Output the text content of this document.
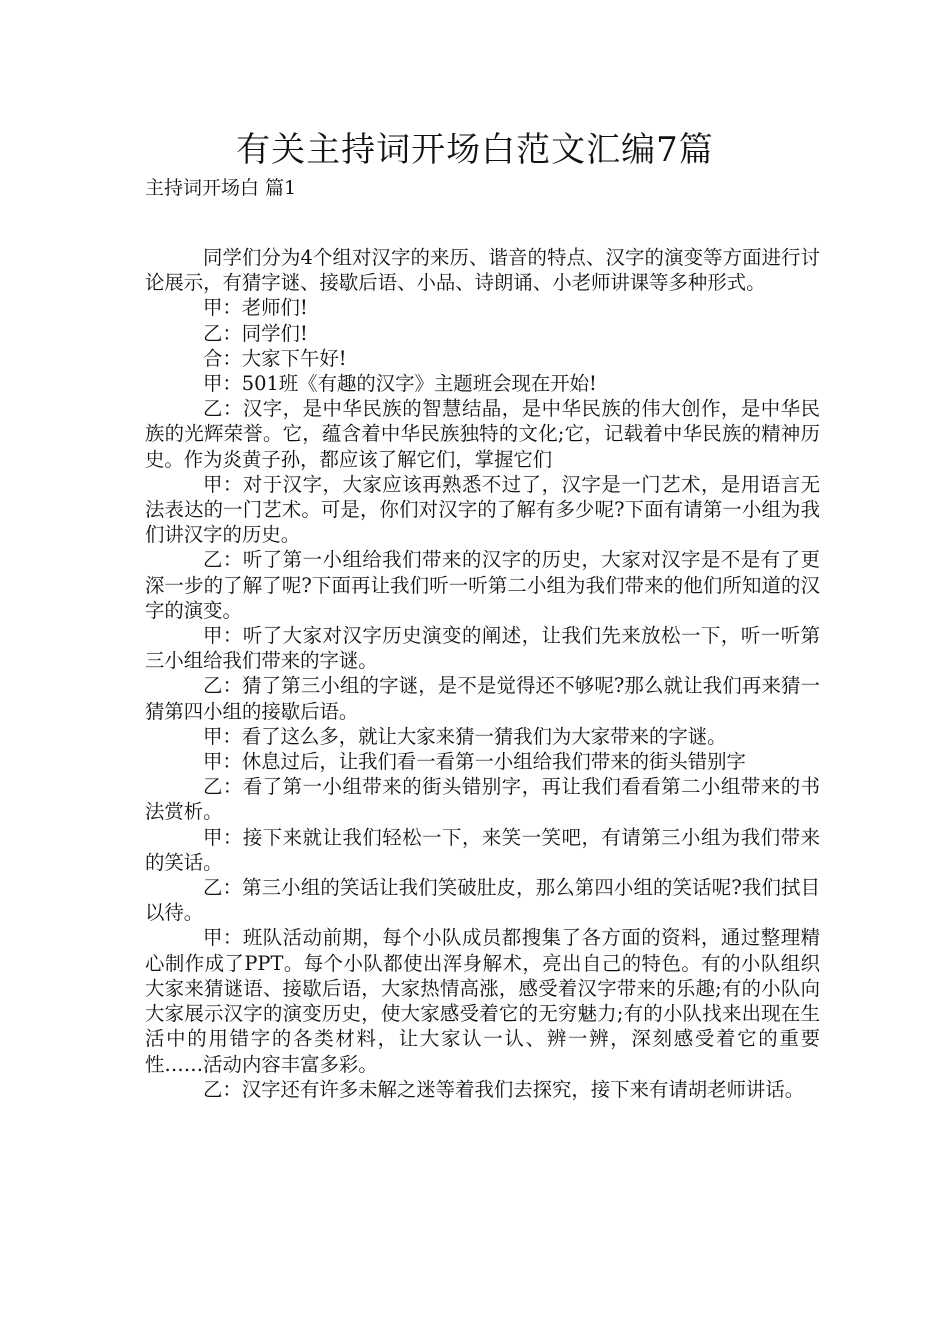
有关主持词开场白范文汇编7篇
主持词开场白 篇1

同学们分为4个组对汉字的来历、谐音的特点、汉字的演变等方面进行讨论展示，有猜字谜、接歇后语、小品、诗朗诵、小老师讲课等多种形式。

甲：老师们!

乙：同学们!

合：大家下午好!

甲：501班《有趣的汉字》主题班会现在开始!

乙：汉字，是中华民族的智慧结晶，是中华民族的伟大创作，是中华民族的光辉荣誉。它，蕴含着中华民族独特的文化;它，记载着中华民族的精神历史。作为炎黄子孙，都应该了解它们，掌握它们

甲：对于汉字，大家应该再熟悉不过了，汉字是一门艺术，是用语言无法表达的一门艺术。可是，你们对汉字的了解有多少呢?下面有请第一小组为我们讲汉字的历史。

乙：听了第一小组给我们带来的汉字的历史，大家对汉字是不是有了更深一步的了解了呢?下面再让我们听一听第二小组为我们带来的他们所知道的汉字的演变。

甲：听了大家对汉字历史演变的阐述，让我们先来放松一下，听一听第三小组给我们带来的字谜。

乙：猜了第三小组的字谜，是不是觉得还不够呢?那么就让我们再来猜一猜第四小组的接歇后语。

甲：看了这么多，就让大家来猜一猜我们为大家带来的字谜。

甲：休息过后，让我们看一看第一小组给我们带来的街头错别字

乙：看了第一小组带来的街头错别字，再让我们看看第二小组带来的书法赏析。

甲：接下来就让我们轻松一下，来笑一笑吧，有请第三小组为我们带来的笑话。

乙：第三小组的笑话让我们笑破肚皮，那么第四小组的笑话呢?我们拭目以待。

甲：班队活动前期，每个小队成员都搜集了各方面的资料，通过整理精心制作成了PPT。每个小队都使出浑身解术，亮出自己的特色。有的小队组织大家来猜谜语、接歇后语，大家热情高涨，感受着汉字带来的乐趣;有的小队向大家展示汉字的演变历史，使大家感受着它的无穷魅力;有的小队找来出现在生活中的用错字的各类材料，让大家认一认、辨一辨，深刻感受着它的重要性……活动内容丰富多彩。

乙：汉字还有许多未解之迷等着我们去探究，接下来有请胡老师讲话。
